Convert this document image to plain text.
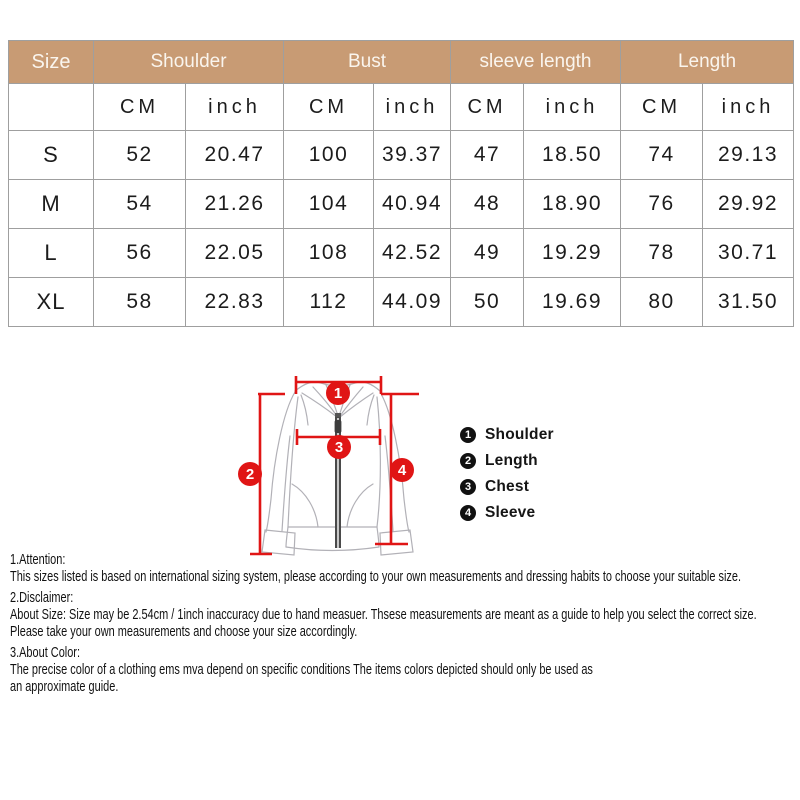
Size	Shoulder		Bust		sleeve length		Length	
	CM	inch	CM	inch	CM	inch	CM	inch
S	52	20.47	100	39.37	47	18.50	74	29.13
M	54	21.26	104	40.94	48	18.90	76	29.92
L	56	22.05	108	42.52	49	19.29	78	30.71
XL	58	22.83	112	44.09	50	19.69	80	31.50
1
2
3
4
1 Shoulder
2 Length
3 Chest
4 Sleeve

1.Attention:

This sizes listed is based on international sizing system, please according to your own measurements and dressing habits to choose your suitable size.

2.Disclaimer:

About Size: Size may be 2.54cm / 1inch inaccuracy due to hand measuer. Thsese measurements are meant as a guide to help you select the correct size.

Please take your own measurements and choose your size accordingly.

3.About Color:

The precise color of a clothing ems mva depend on specific conditions The items colors depicted should only be used as

an approximate guide.
